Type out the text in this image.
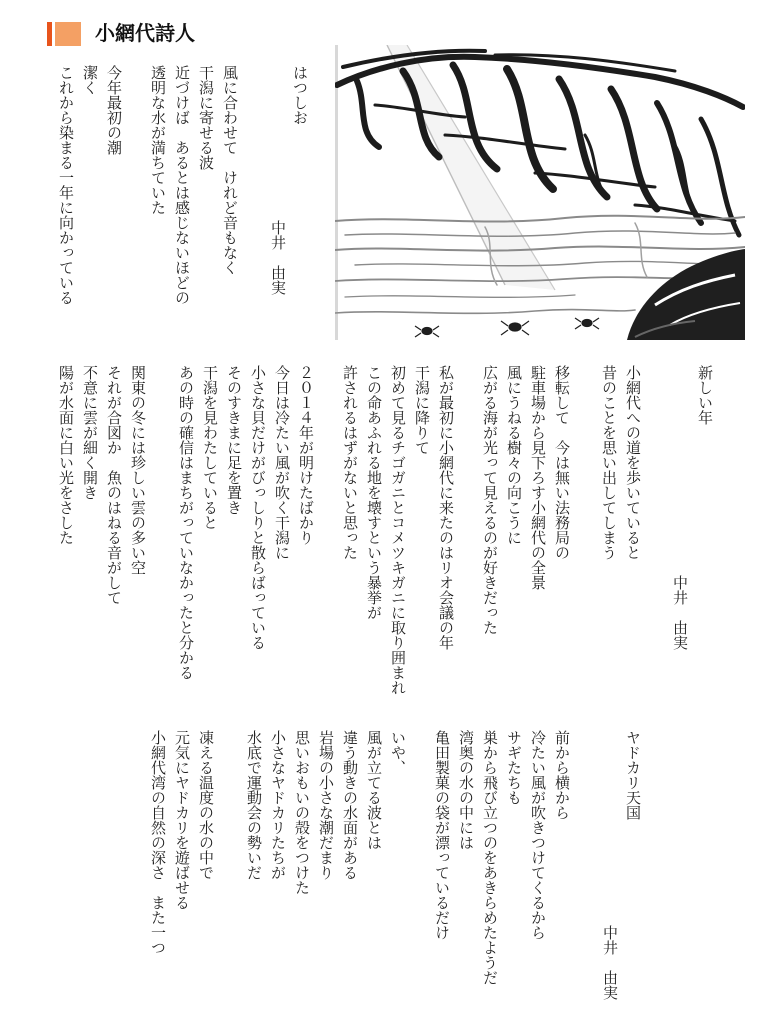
小網代詩人
はつしお
中井　由実
風に合わせて　けれど音もなく
干潟に寄せる波
近づけば　あるとは感じないほどの
透明な水が満ちていた
今年最初の潮
潔く
これから染まる一年に向かっている
新しい年
中井　由実
小網代への道を歩いていると
昔のことを思い出してしまう
移転して　今は無い法務局の
駐車場から見下ろす小網代の全景
風にうねる樹々の向こうに
広がる海が光って見えるのが好きだった
私が最初に小網代に来たのはリオ会議の年
干潟に降りて
初めて見るチゴガニとコメツキガニに取り囲まれ
この命あふれる地を壊すという暴挙が
許されるはずがないと思った
２０１４年が明けたばかり
今日は冷たい風が吹く干潟に
小さな貝だけがびっしりと散らばっている
そのすきまに足を置き
干潟を見わたしていると
あの時の確信はまちがっていなかったと分かる
関東の冬には珍しい雲の多い空
それが合図か　魚のはねる音がして
不意に雲が細く開き
陽が水面に白い光をさした
ヤドカリ天国
中井　由実
前から横から
冷たい風が吹きつけてくるから
サギたちも
巣から飛び立つのをあきらめたようだ
湾奥の水の中には
亀田製菓の袋が漂っているだけ
いや、
風が立てる波とは
違う動きの水面がある
岩場の小さな潮だまり
思いおもいの殻をつけた
小さなヤドカリたちが
水底で運動会の勢いだ
凍える温度の水の中で
元気にヤドカリを遊ばせる
小網代湾の自然の深さ　また一つ
